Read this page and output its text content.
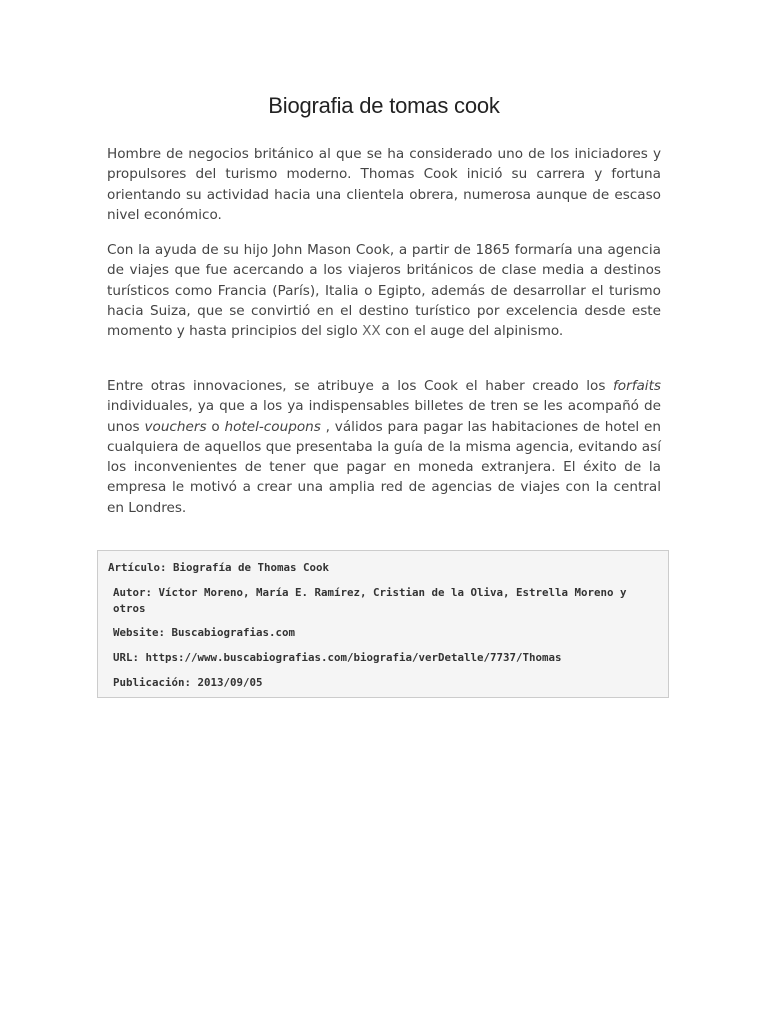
Biografia de tomas cook

Hombre de negocios británico al que se ha considerado uno de los iniciadores y propulsores del turismo moderno. Thomas Cook inició su carrera y fortuna orientando su actividad hacia una clientela obrera, numerosa aunque de escaso nivel económico.

Con la ayuda de su hijo John Mason Cook, a partir de 1865 formaría una agencia de viajes que fue acercando a los viajeros británicos de clase media a destinos turísticos como Francia (París), Italia o Egipto, además de desarrollar el turismo hacia Suiza, que se convirtió en el destino turístico por excelencia desde este momento y hasta principios del siglo XX con el auge del alpinismo.

Entre otras innovaciones, se atribuye a los Cook el haber creado los forfaits individuales, ya que a los ya indispensables billetes de tren se les acompañó de unos vouchers o hotel-coupons , válidos para pagar las habitaciones de hotel en cualquiera de aquellos que presentaba la guía de la misma agencia, evitando así los inconvenientes de tener que pagar en moneda extranjera. El éxito de la empresa le motivó a crear una amplia red de agencias de viajes con la central en Londres.

Artículo: Biografía de Thomas Cook
Autor: Víctor Moreno, María E. Ramírez, Cristian de la Oliva, Estrella Moreno y otros
Website: Buscabiografias.com
URL: https://www.buscabiografias.com/biografia/verDetalle/7737/Thomas
Publicación: 2013/09/05
